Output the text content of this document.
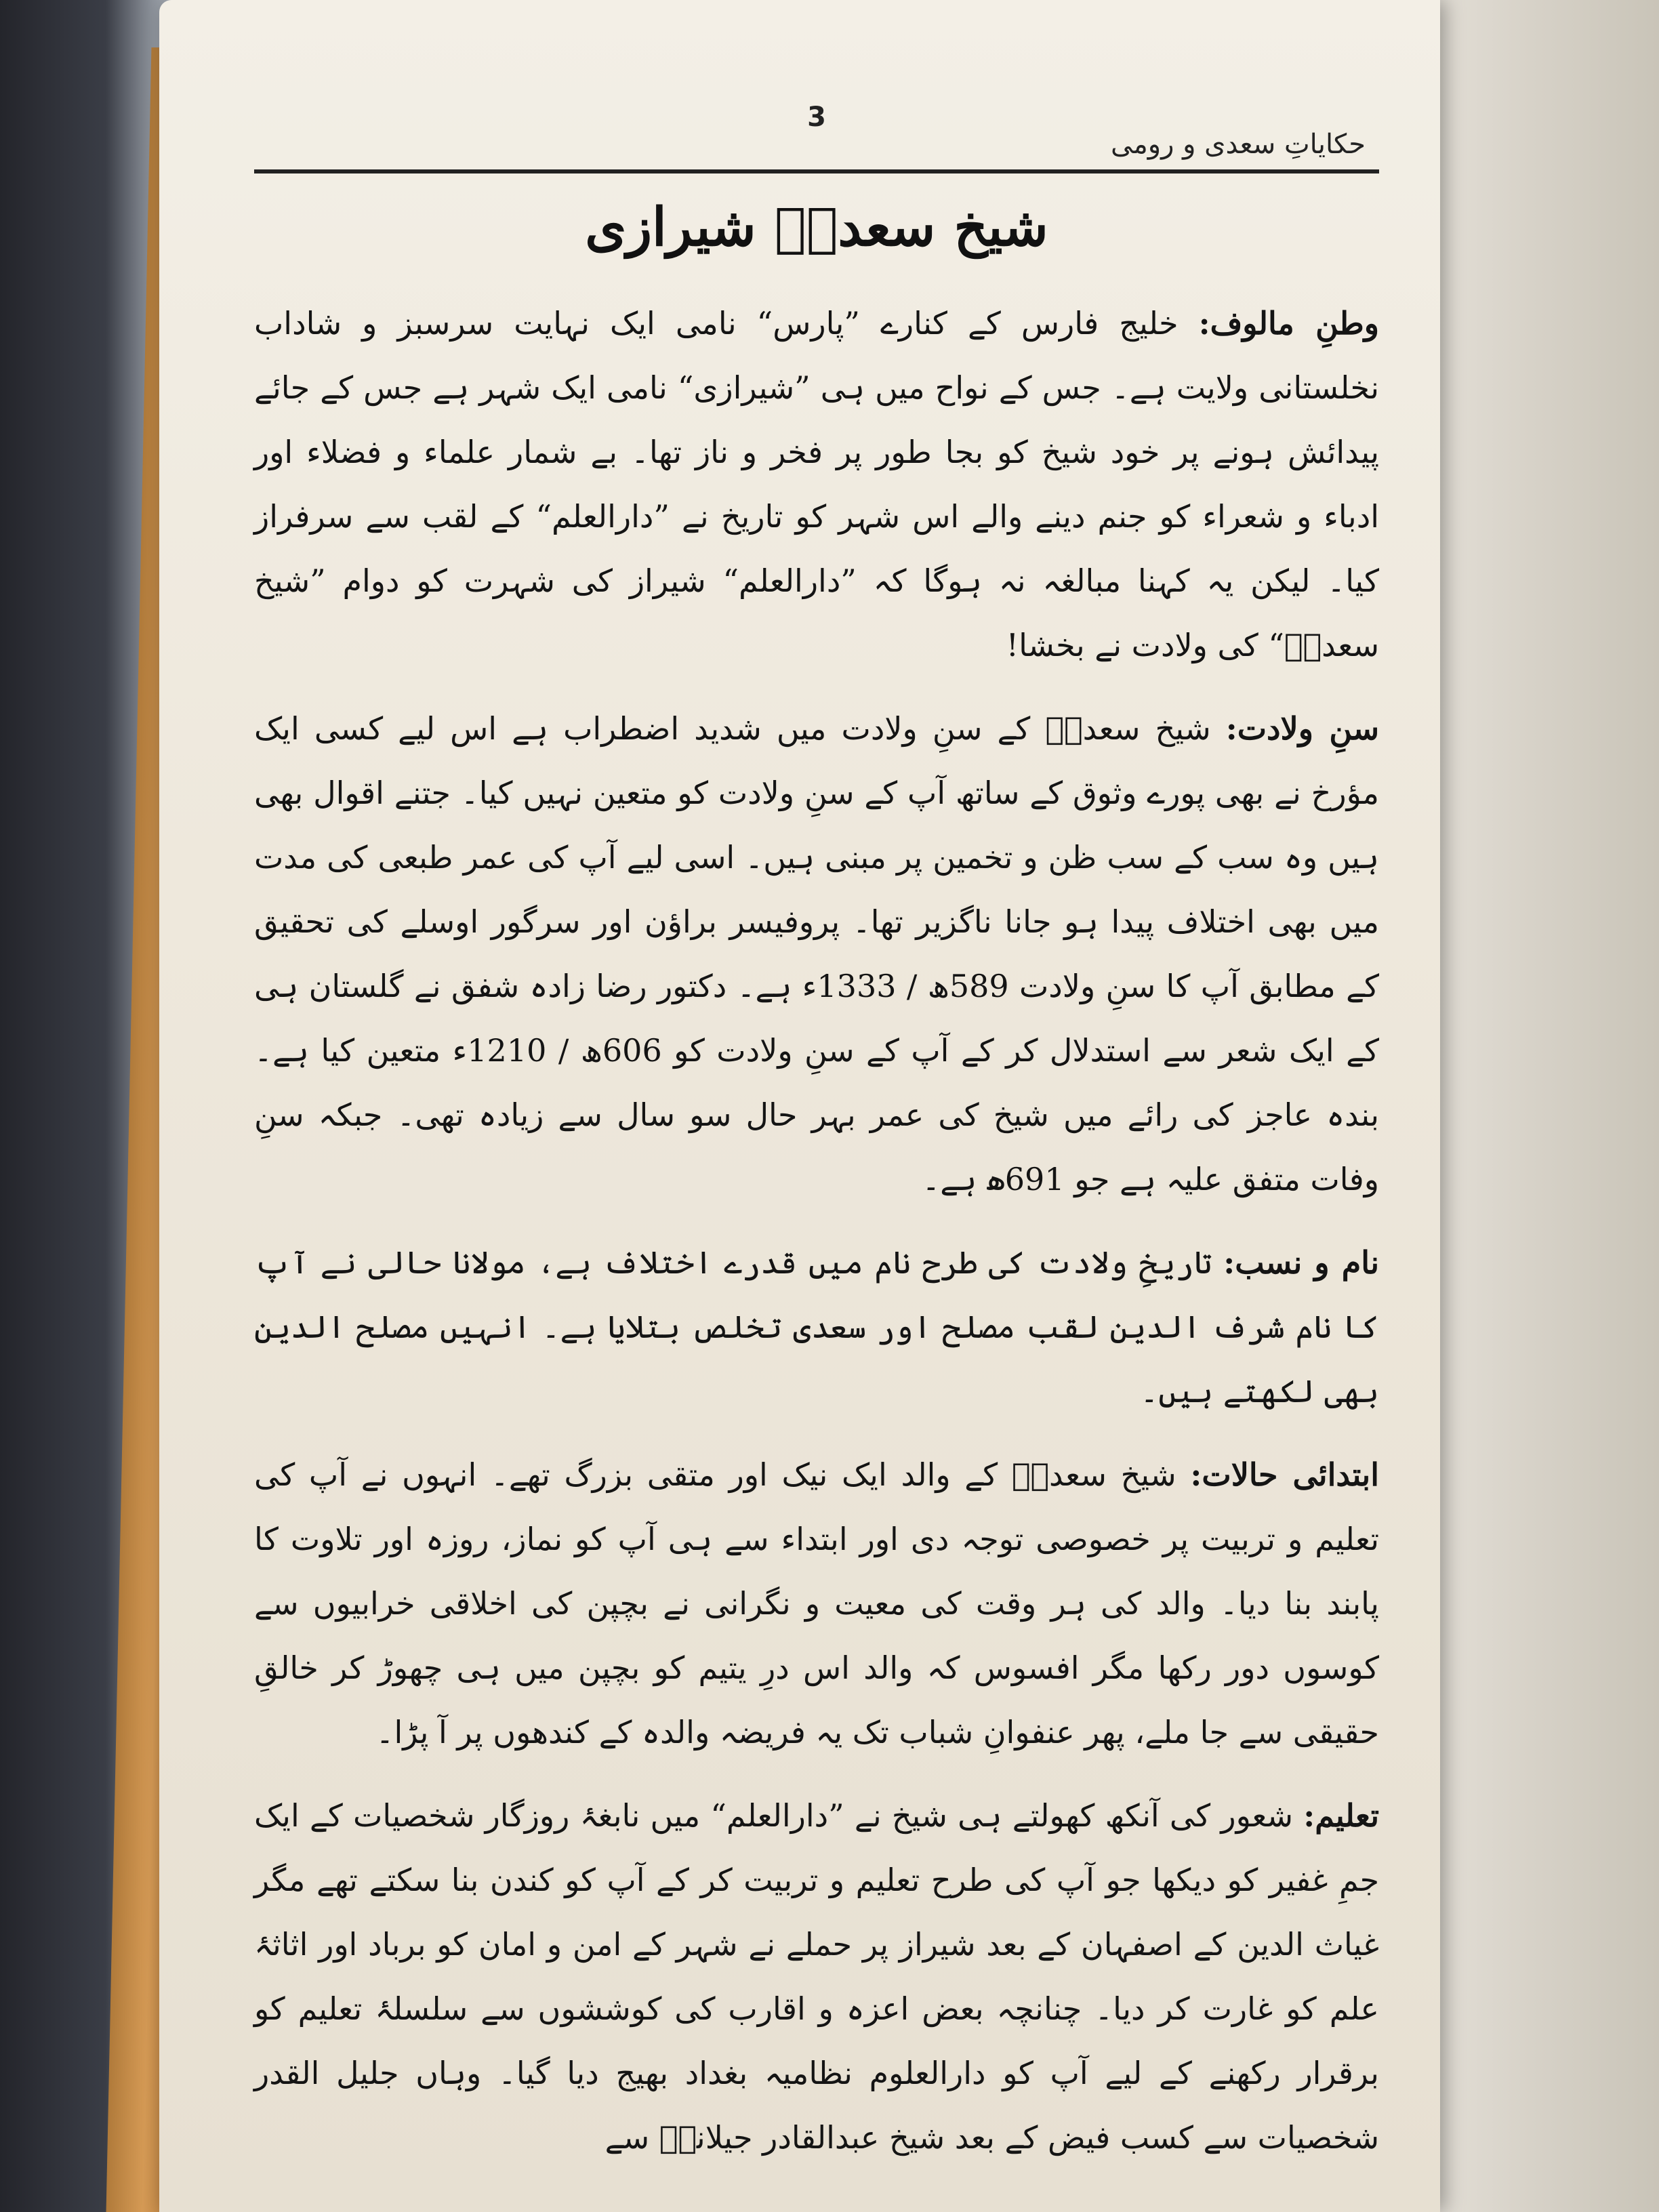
3
حکایاتِ سعدی و رومی
شیخ سعدیؒ شیرازی

وطنِ مالوف: خلیج فارس کے کنارے ”پارس“ نامی ایک نہایت سرسبز و شاداب نخلستانی ولایت ہے۔ جس کے نواح میں ہی ”شیرازی“ نامی ایک شہر ہے جس کے جائے پیدائش ہونے پر خود شیخ کو بجا طور پر فخر و ناز تھا۔ بے شمار علماء و فضلاء اور ادباء و شعراء کو جنم دینے والے اس شہر کو تاریخ نے ”دارالعلم“ کے لقب سے سرفراز کیا۔ لیکن یہ کہنا مبالغہ نہ ہوگا کہ ”دارالعلم“ شیراز کی شہرت کو دوام ”شیخ سعدیؒ“ کی ولادت نے بخشا!

سنِ ولادت: شیخ سعدیؒ کے سنِ ولادت میں شدید اضطراب ہے اس لیے کسی ایک مؤرخ نے بھی پورے وثوق کے ساتھ آپ کے سنِ ولادت کو متعین نہیں کیا۔ جتنے اقوال بھی ہیں وہ سب کے سب ظن و تخمین پر مبنی ہیں۔ اسی لیے آپ کی عمر طبعی کی مدت میں بھی اختلاف پیدا ہو جانا ناگزیر تھا۔ پروفیسر براؤن اور سرگور اوسلے کی تحقیق کے مطابق آپ کا سنِ ولادت 589ھ / 1333ء ہے۔ دکتور رضا زادہ شفق نے گلستان ہی کے ایک شعر سے استدلال کر کے آپ کے سنِ ولادت کو 606ھ / 1210ء متعین کیا ہے۔ بندہ عاجز کی رائے میں شیخ کی عمر بہر حال سو سال سے زیادہ تھی۔ جبکہ سنِ وفات متفق علیہ ہے جو 691ھ ہے۔

نام و نسب: تاریخِ ولادت کی طرح نام میں قدرے اختلاف ہے، مولانا حالی نے آپ کا نام شرف الدین لقب مصلح اور سعدی تخلص بتلایا ہے۔ انہیں مصلح الدین بھی لکھتے ہیں۔

ابتدائی حالات: شیخ سعدیؒ کے والد ایک نیک اور متقی بزرگ تھے۔ انہوں نے آپ کی تعلیم و تربیت پر خصوصی توجہ دی اور ابتداء سے ہی آپ کو نماز، روزہ اور تلاوت کا پابند بنا دیا۔ والد کی ہر وقت کی معیت و نگرانی نے بچپن کی اخلاقی خرابیوں سے کوسوں دور رکھا مگر افسوس کہ والد اس درِ یتیم کو بچپن میں ہی چھوڑ کر خالقِ حقیقی سے جا ملے، پھر عنفوانِ شباب تک یہ فریضہ والدہ کے کندھوں پر آ پڑا۔

تعلیم: شعور کی آنکھ کھولتے ہی شیخ نے ”دارالعلم“ میں نابغۂ روزگار شخصیات کے ایک جمِ غفیر کو دیکھا جو آپ کی طرح تعلیم و تربیت کر کے آپ کو کندن بنا سکتے تھے مگر غیاث الدین کے اصفہان کے بعد شیراز پر حملے نے شہر کے امن و امان کو برباد اور اثاثۂ علم کو غارت کر دیا۔ چنانچہ بعض اعزہ و اقارب کی کوششوں سے سلسلۂ تعلیم کو برقرار رکھنے کے لیے آپ کو دارالعلوم نظامیہ بغداد بھیج دیا گیا۔ وہاں جلیل القدر شخصیات سے کسب فیض کے بعد شیخ عبدالقادر جیلانیؒ سے
